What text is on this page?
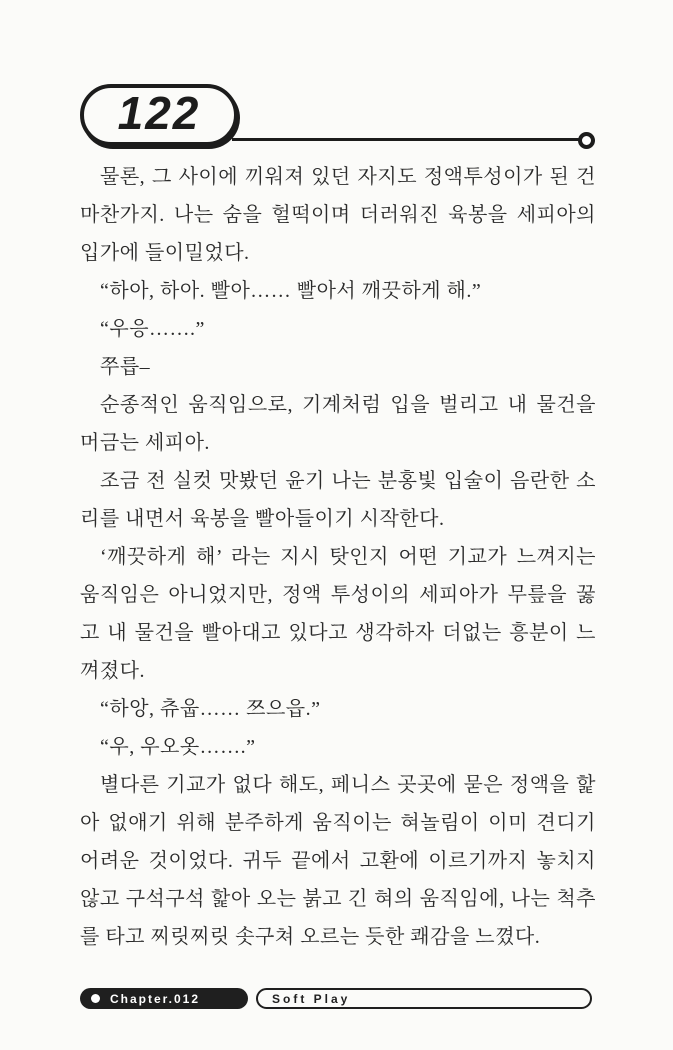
122
물론, 그 사이에 끼워져 있던 자지도 정액투성이가 된 건
마찬가지. 나는 숨을 헐떡이며 더러워진 육봉을 세피아의
입가에 들이밀었다.
“하아, 하아. 빨아…… 빨아서 깨끗하게 해.”
“우응…….”
쭈릅–
순종적인 움직임으로, 기계처럼 입을 벌리고 내 물건을
머금는 세피아.
조금 전 실컷 맛봤던 윤기 나는 분홍빛 입술이 음란한 소
리를 내면서 육봉을 빨아들이기 시작한다.
‘깨끗하게 해’ 라는 지시 탓인지 어떤 기교가 느껴지는
움직임은 아니었지만, 정액 투성이의 세피아가 무릎을 꿇
고 내 물건을 빨아대고 있다고 생각하자 더없는 흥분이 느
껴졌다.
“하앙, 츄웁…… 쯔으읍.”
“우, 우오옷…….”
별다른 기교가 없다 해도, 페니스 곳곳에 묻은 정액을 핥
아 없애기 위해 분주하게 움직이는 혀놀림이 이미 견디기
어려운 것이었다. 귀두 끝에서 고환에 이르기까지 놓치지
않고 구석구석 핥아 오는 붉고 긴 혀의 움직임에, 나는 척추
를 타고 찌릿찌릿 솟구쳐 오르는 듯한 쾌감을 느꼈다.
Chapter.012	Soft Play
